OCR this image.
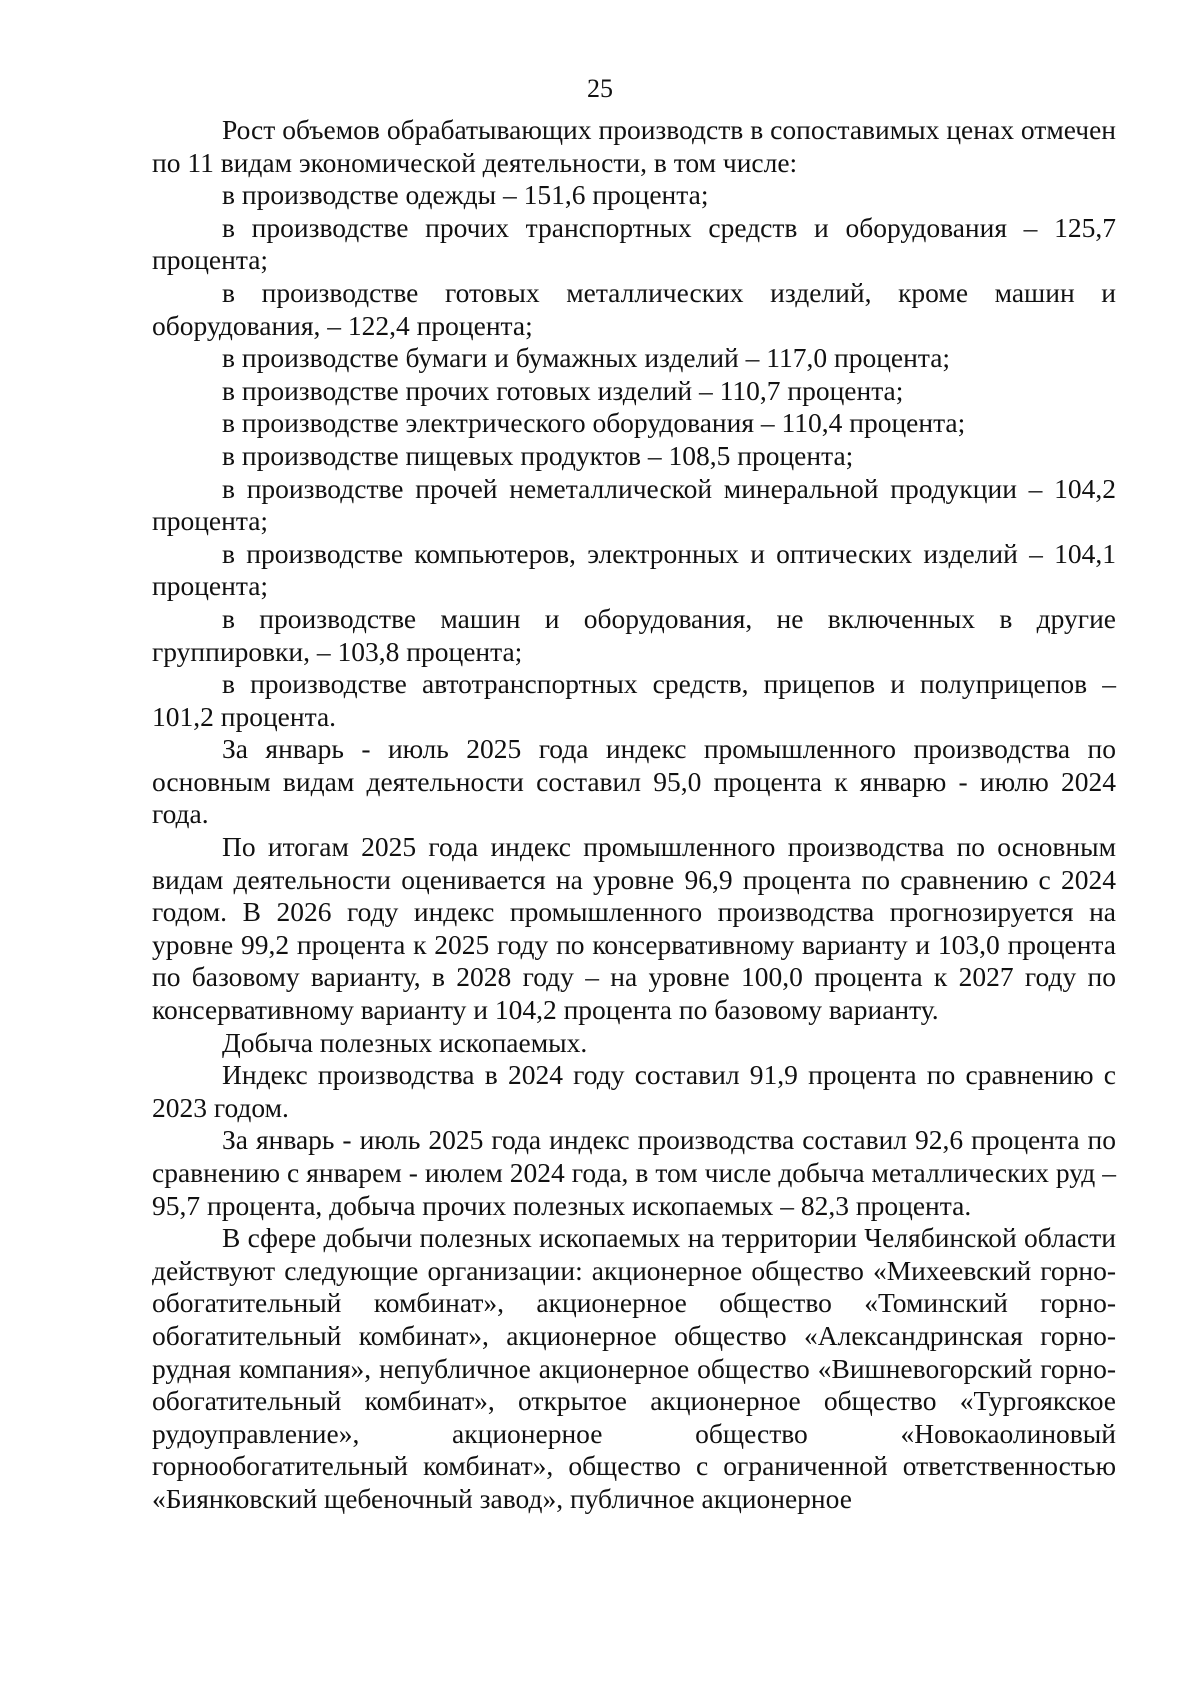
25

Рост объемов обрабатывающих производств в сопоставимых ценах отмечен по 11 видам экономической деятельности, в том числе:

в производстве одежды – 151,6 процента;

в производстве прочих транспортных средств и оборудования – 125,7 процента;

в производстве готовых металлических изделий, кроме машин и оборудования, – 122,4 процента;

в производстве бумаги и бумажных изделий – 117,0 процента;

в производстве прочих готовых изделий – 110,7 процента;

в производстве электрического оборудования – 110,4 процента;

в производстве пищевых продуктов – 108,5 процента;

в производстве прочей неметаллической минеральной продукции – 104,2 процента;

в производстве компьютеров, электронных и оптических изделий – 104,1 процента;

в производстве машин и оборудования, не включенных в другие группировки, – 103,8 процента;

в производстве автотранспортных средств, прицепов и полуприцепов – 101,2 процента.

За январь - июль 2025 года индекс промышленного производства по основным видам деятельности составил 95,0 процента к январю - июлю 2024 года.

По итогам 2025 года индекс промышленного производства по основным видам деятельности оценивается на уровне 96,9 процента по сравнению с 2024 годом. В 2026 году индекс промышленного производства прогнозируется на уровне 99,2 процента к 2025 году по консервативному варианту и 103,0 процента по базовому варианту, в 2028 году – на уровне 100,0 процента к 2027 году по консервативному варианту и 104,2 процента по базовому варианту.

Добыча полезных ископаемых.

Индекс производства в 2024 году составил 91,9 процента по сравнению с 2023 годом.

За январь - июль 2025 года индекс производства составил 92,6 процента по сравнению с январем - июлем 2024 года, в том числе добыча металлических руд – 95,7 процента, добыча прочих полезных ископаемых – 82,3 процента.

В сфере добычи полезных ископаемых на территории Челябинской области действуют следующие организации: акционерное общество «Михеевский горно-обогатительный комбинат», акционерное общество «Томинский горно-обогатительный комбинат», акционерное общество «Александринская горно-рудная компания», непубличное акционерное общество «Вишневогорский горно-обогатительный комбинат», открытое акционерное общество «Тургоякское рудоуправление», акционерное общество «Новокаолиновый горнообогатительный комбинат», общество с ограниченной ответственностью «Биянковский щебеночный завод», публичное акционерное
